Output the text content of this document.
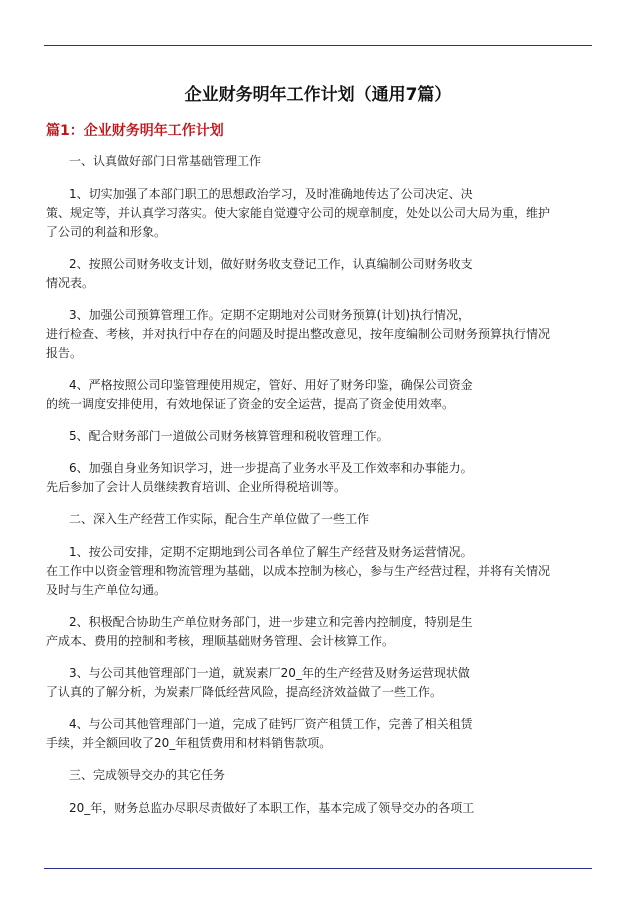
企业财务明年工作计划（通用7篇）
篇1：企业财务明年工作计划
一、认真做好部门日常基础管理工作
1、切实加强了本部门职工的思想政治学习，及时准确地传达了公司决定、决
策、规定等，并认真学习落实。使大家能自觉遵守公司的规章制度，处处以公司大局为重，维护
了公司的利益和形象。
2、按照公司财务收支计划，做好财务收支登记工作，认真编制公司财务收支
情况表。
3、加强公司预算管理工作。定期不定期地对公司财务预算(计划)执行情况，
进行检查、考核，并对执行中存在的问题及时提出整改意见，按年度编制公司财务预算执行情况
报告。
4、严格按照公司印鉴管理使用规定，管好、用好了财务印鉴，确保公司资金
的统一调度安排使用，有效地保证了资金的安全运营，提高了资金使用效率。
5、配合财务部门一道做公司财务核算管理和税收管理工作。
6、加强自身业务知识学习，进一步提高了业务水平及工作效率和办事能力。
先后参加了会计人员继续教育培训、企业所得税培训等。
二、深入生产经营工作实际，配合生产单位做了一些工作
1、按公司安排，定期不定期地到公司各单位了解生产经营及财务运营情况。
在工作中以资金管理和物流管理为基础，以成本控制为核心，参与生产经营过程，并将有关情况
及时与生产单位勾通。
2、积极配合协助生产单位财务部门，进一步建立和完善内控制度，特别是生
产成本、费用的控制和考核，理顺基础财务管理、会计核算工作。
3、与公司其他管理部门一道，就炭素厂20_年的生产经营及财务运营现状做
了认真的了解分析，为炭素厂降低经营风险，提高经济效益做了一些工作。
4、与公司其他管理部门一道，完成了硅钙厂资产租赁工作，完善了相关租赁
手续，并全额回收了20_年租赁费用和材料销售款项。
三、完成领导交办的其它任务
20_年，财务总监办尽职尽责做好了本职工作，基本完成了领导交办的各项工
